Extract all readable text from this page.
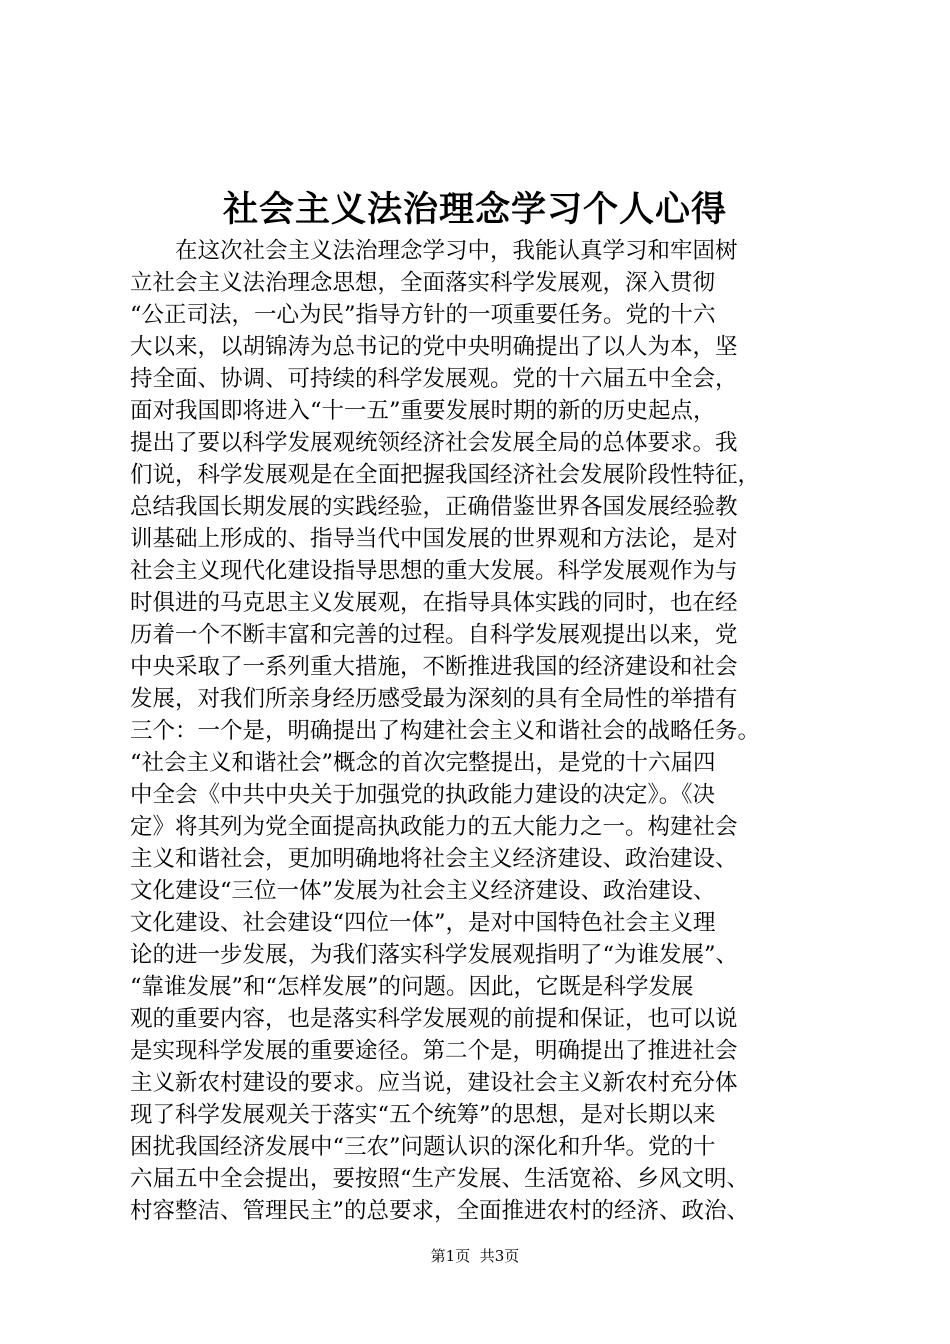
社会主义法治理念学习个人心得
在这次社会主义法治理念学习中，我能认真学习和牢固树
立社会主义法治理念思想，全面落实科学发展观，深入贯彻
“公正司法，一心为民”指导方针的一项重要任务。党的十六
大以来，以胡锦涛为总书记的党中央明确提出了以人为本，坚
持全面、协调、可持续的科学发展观。党的十六届五中全会，
面对我国即将进入“十一五”重要发展时期的新的历史起点，
提出了要以科学发展观统领经济社会发展全局的总体要求。我
们说，科学发展观是在全面把握我国经济社会发展阶段性特征，
总结我国长期发展的实践经验，正确借鉴世界各国发展经验教
训基础上形成的、指导当代中国发展的世界观和方法论，是对
社会主义现代化建设指导思想的重大发展。科学发展观作为与
时俱进的马克思主义发展观，在指导具体实践的同时，也在经
历着一个不断丰富和完善的过程。自科学发展观提出以来，党
中央采取了一系列重大措施，不断推进我国的经济建设和社会
发展，对我们所亲身经历感受最为深刻的具有全局性的举措有
三个：一个是，明确提出了构建社会主义和谐社会的战略任务。
“社会主义和谐社会”概念的首次完整提出，是党的十六届四
中全会《中共中央关于加强党的执政能力建设的决定》。《决
定》将其列为党全面提高执政能力的五大能力之一。构建社会
主义和谐社会，更加明确地将社会主义经济建设、政治建设、
文化建设“三位一体”发展为社会主义经济建设、政治建设、
文化建设、社会建设“四位一体”，是对中国特色社会主义理
论的进一步发展，为我们落实科学发展观指明了“为谁发展”、
“靠谁发展”和“怎样发展”的问题。因此，它既是科学发展
观的重要内容，也是落实科学发展观的前提和保证，也可以说
是实现科学发展的重要途径。第二个是，明确提出了推进社会
主义新农村建设的要求。应当说，建设社会主义新农村充分体
现了科学发展观关于落实“五个统筹”的思想，是对长期以来
困扰我国经济发展中“三农”问题认识的深化和升华。党的十
六届五中全会提出，要按照“生产发展、生活宽裕、乡风文明、
村容整洁、管理民主”的总要求，全面推进农村的经济、政治、
第1页 共3页
